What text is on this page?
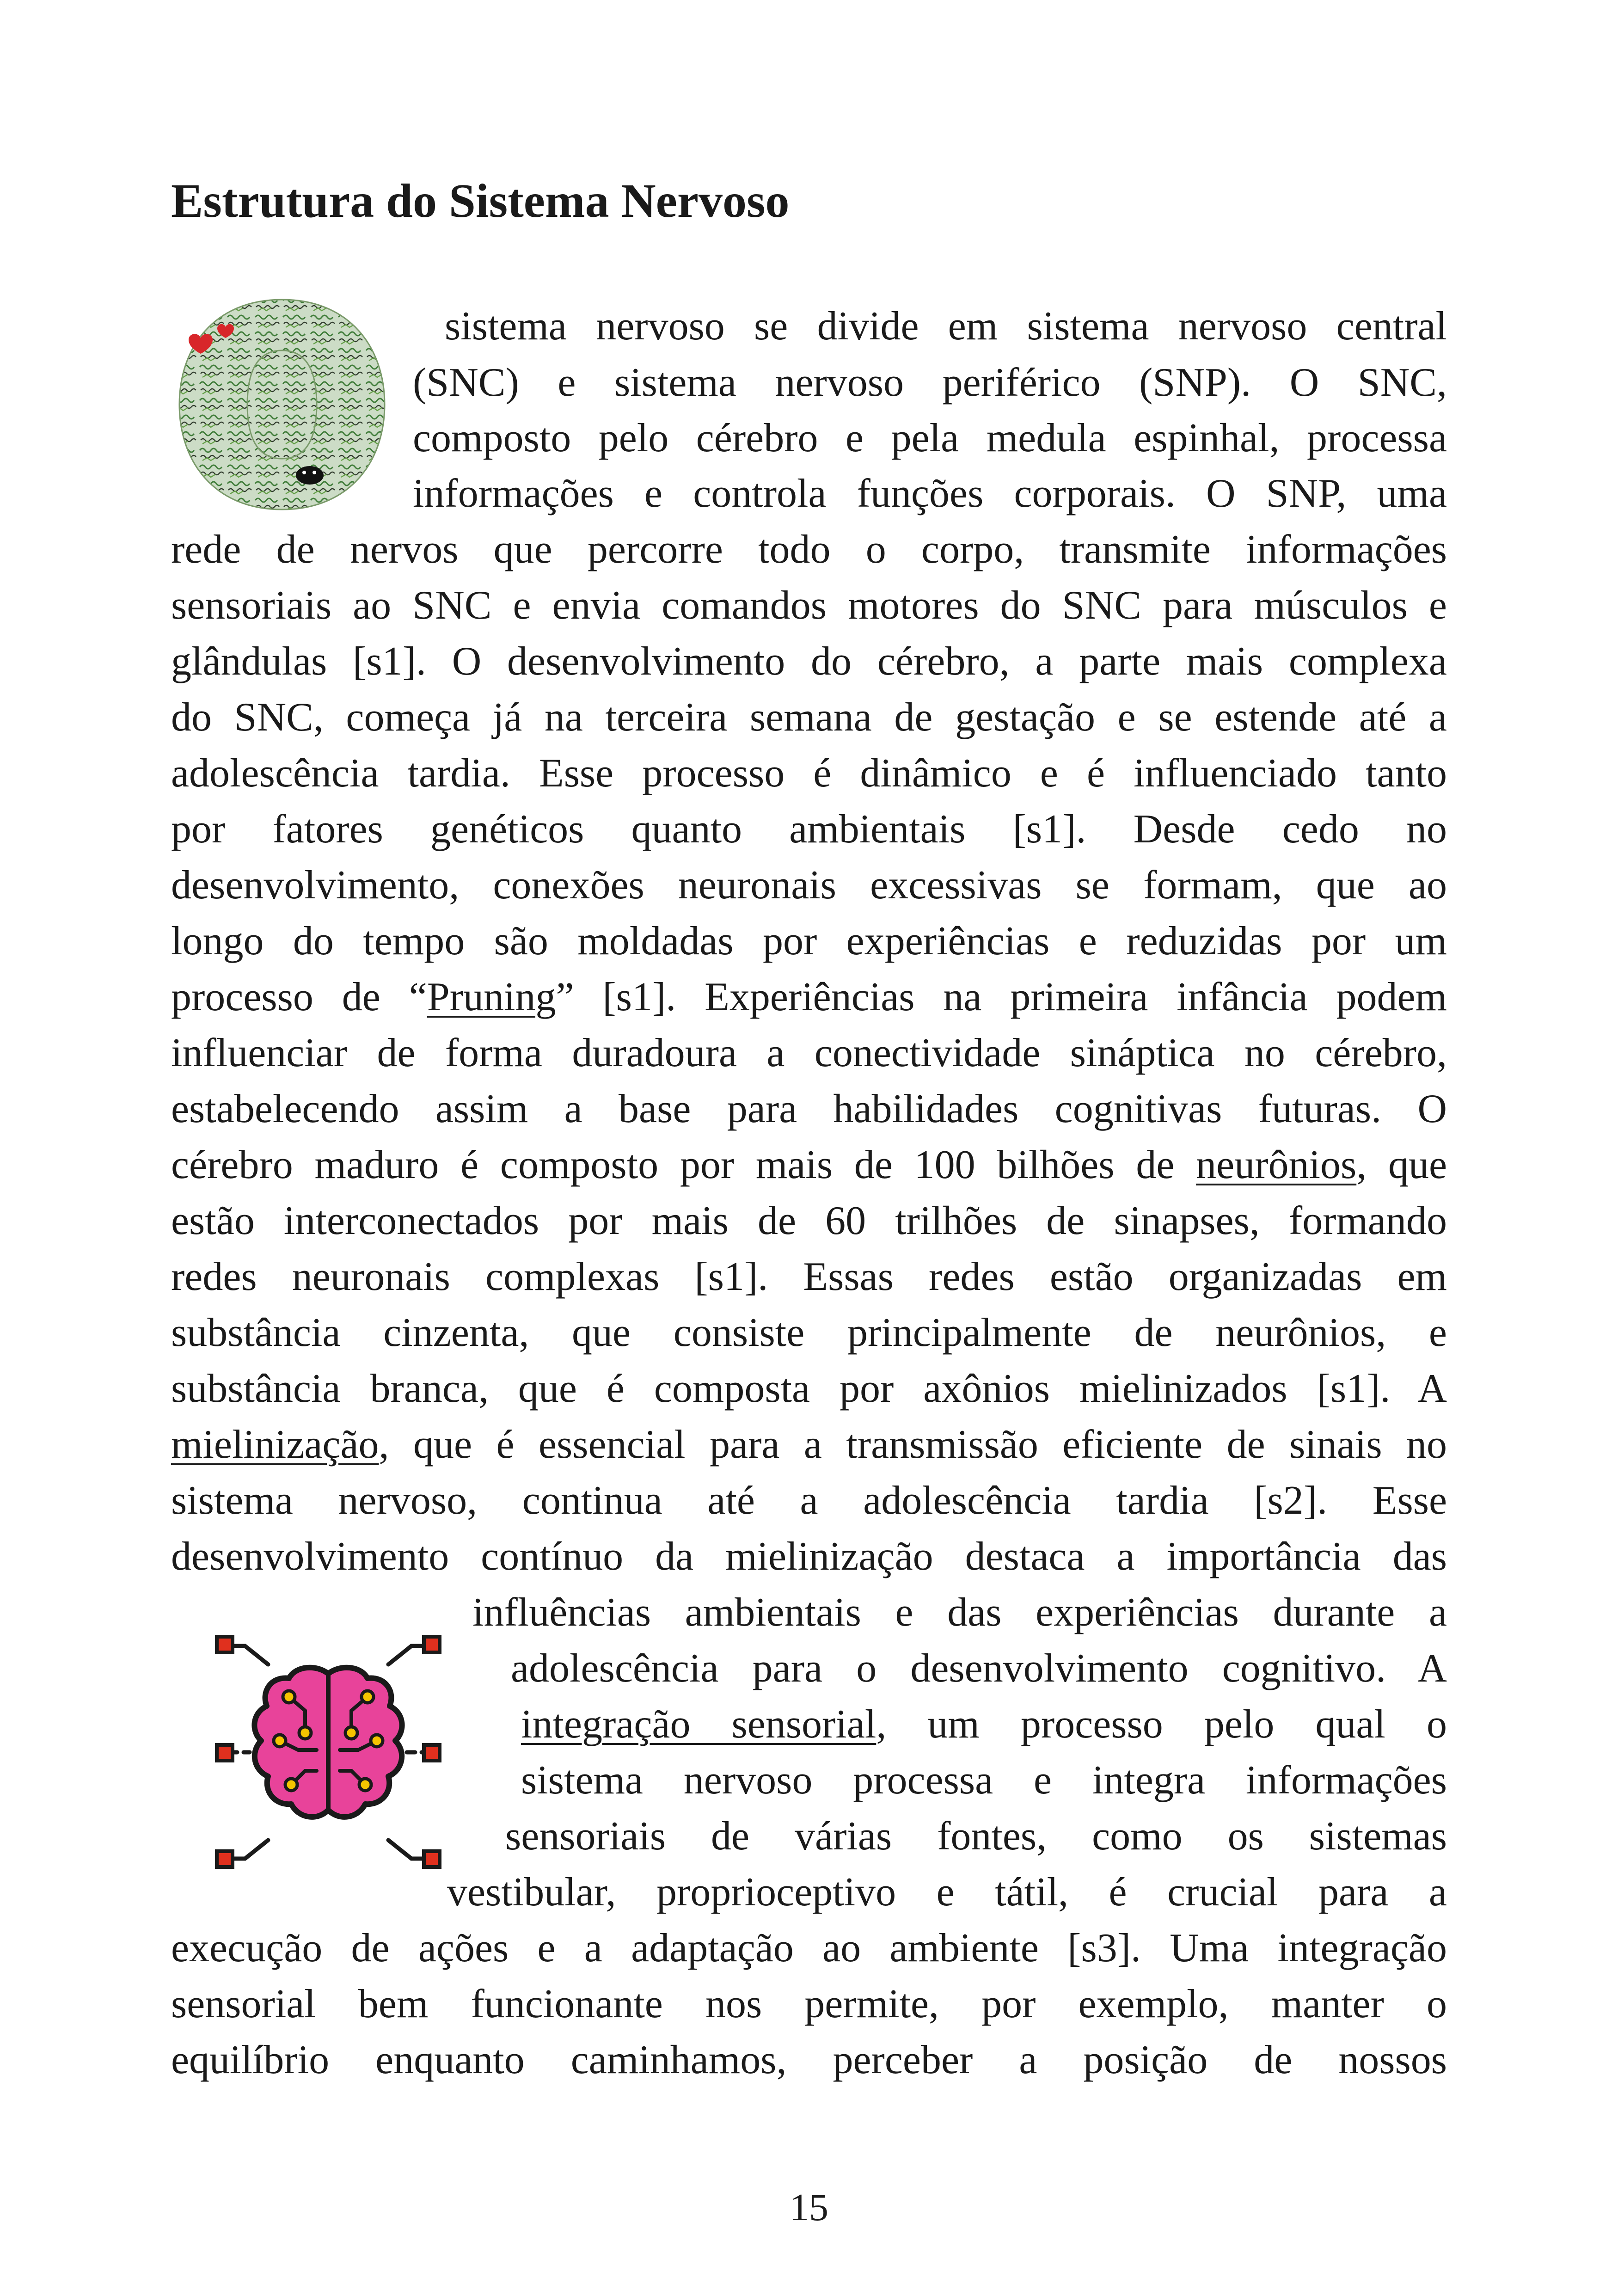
Estrutura do Sistema Nervoso
sistema nervoso se divide em sistema nervoso central
(SNC) e sistema nervoso periférico (SNP). O SNC,
composto pelo cérebro e pela medula espinhal, processa
informações e controla funções corporais. O SNP, uma
rede de nervos que percorre todo o corpo, transmite informações
sensoriais ao SNC e envia comandos motores do SNC para músculos e
glândulas [s1]. O desenvolvimento do cérebro, a parte mais complexa
do SNC, começa já na terceira semana de gestação e se estende até a
adolescência tardia. Esse processo é dinâmico e é influenciado tanto
por fatores genéticos quanto ambientais [s1]. Desde cedo no
desenvolvimento, conexões neuronais excessivas se formam, que ao
longo do tempo são moldadas por experiências e reduzidas por um
processo de “Pruning” [s1]. Experiências na primeira infância podem
influenciar de forma duradoura a conectividade sináptica no cérebro,
estabelecendo assim a base para habilidades cognitivas futuras. O
cérebro maduro é composto por mais de 100 bilhões de neurônios, que
estão interconectados por mais de 60 trilhões de sinapses, formando
redes neuronais complexas [s1]. Essas redes estão organizadas em
substância cinzenta, que consiste principalmente de neurônios, e
substância branca, que é composta por axônios mielinizados [s1]. A
mielinização, que é essencial para a transmissão eficiente de sinais no
sistema nervoso, continua até a adolescência tardia [s2]. Esse
desenvolvimento contínuo da mielinização destaca a importância das
influências ambientais e das experiências durante a
adolescência para o desenvolvimento cognitivo. A
integração sensorial, um processo pelo qual o
sistema nervoso processa e integra informações
sensoriais de várias fontes, como os sistemas
vestibular, proprioceptivo e tátil, é crucial para a
execução de ações e a adaptação ao ambiente [s3]. Uma integração
sensorial bem funcionante nos permite, por exemplo, manter o
equilíbrio enquanto caminhamos, perceber a posição de nossos
15
